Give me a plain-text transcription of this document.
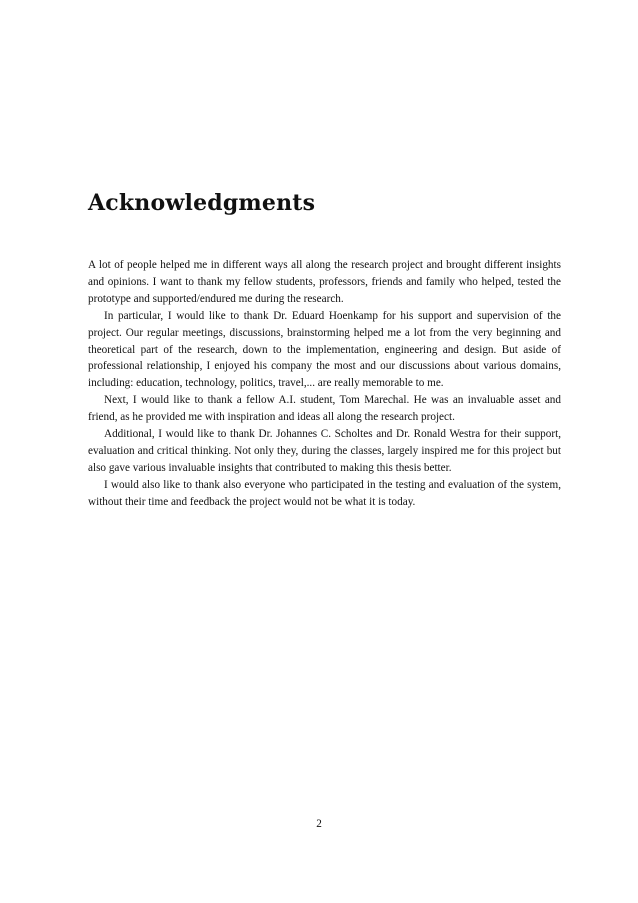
Acknowledgments

A lot of people helped me in different ways all along the research project and brought different insights and opinions. I want to thank my fellow students, professors, friends and family who helped, tested the prototype and supported/endured me during the research.

In particular, I would like to thank Dr. Eduard Hoenkamp for his support and supervision of the project. Our regular meetings, discussions, brainstorming helped me a lot from the very beginning and theoretical part of the research, down to the implementation, engineering and design. But aside of professional relationship, I enjoyed his company the most and our discussions about various domains, including: education, technology, politics, travel,... are really memorable to me.

Next, I would like to thank a fellow A.I. student, Tom Marechal. He was an invaluable asset and friend, as he provided me with inspiration and ideas all along the research project.

Additional, I would like to thank Dr. Johannes C. Scholtes and Dr. Ronald Westra for their support, evaluation and critical thinking. Not only they, during the classes, largely inspired me for this project but also gave various invaluable insights that contributed to making this thesis better.

I would also like to thank also everyone who participated in the testing and evaluation of the system, without their time and feedback the project would not be what it is today.

2
